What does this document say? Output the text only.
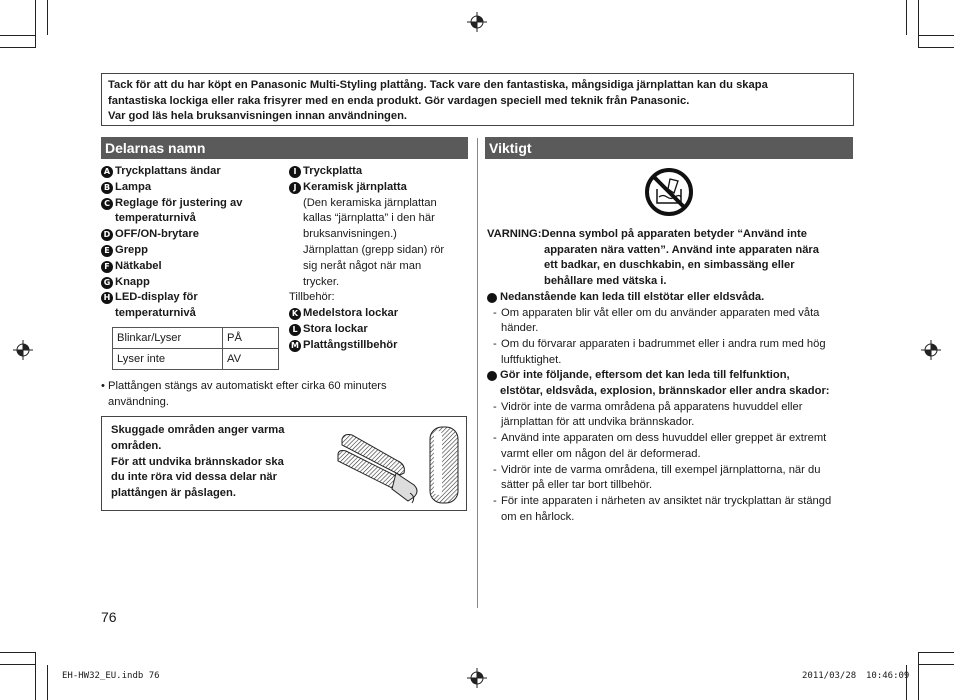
Tack för att du har köpt en Panasonic Multi-Styling plattång. Tack vare den fantastiska, mångsidiga järnplattan kan du skapa
fantastiska lockiga eller raka frisyrer med en enda produkt. Gör vardagen speciell med teknik från Panasonic.
Var god läs hela bruksanvisningen innan användningen.
Delarnas namn	Viktigt
A Tryckplattans ändar
B Lampa
C Reglage för justering av
temperaturnivå
D OFF/ON-brytare
E Grepp
F Nätkabel
G Knapp
H LED-display för
temperaturnivå
I Tryckplatta
J Keramisk järnplatta
(Den keramiska järnplattan
kallas “järnplatta” i den här
bruksanvisningen.)
Järnplattan (grepp sidan) rör
sig neråt något när man
trycker.
Tillbehör:
K Medelstora lockar
L Stora lockar
M Plattångstillbehör
Blinkar/Lyser	PÅ
Lyser inte	AV
• Plattången stängs av automatiskt efter cirka 60 minuters
användning.
Skuggade områden anger varma
områden.
För att undvika brännskador ska
du inte röra vid dessa delar när
plattången är påslagen.
76
VARNING:Denna symbol på apparaten betyder “Använd inte
apparaten nära vatten”. Använd inte apparaten nära
ett badkar, en duschkabin, en simbassäng eller
behållare med vätska i.
Nedanstående kan leda till elstötar eller eldsvåda.
- Om apparaten blir våt eller om du använder apparaten med våta
händer.
- Om du förvarar apparaten i badrummet eller i andra rum med hög
luftfuktighet.
Gör inte följande, eftersom det kan leda till felfunktion,
elstötar, eldsvåda, explosion, brännskador eller andra skador:
- Vidrör inte de varma områdena på apparatens huvuddel eller
järnplattan för att undvika brännskador.
- Använd inte apparaten om dess huvuddel eller greppet är extremt
varmt eller om någon del är deformerad.
- Vidrör inte de varma områdena, till exempel järnplattorna, när du
sätter på eller tar bort tillbehör.
- För inte apparaten i närheten av ansiktet när tryckplattan är stängd
om en hårlock.
EH-HW32_EU.indb 76	2011/03/28 10:46:09
